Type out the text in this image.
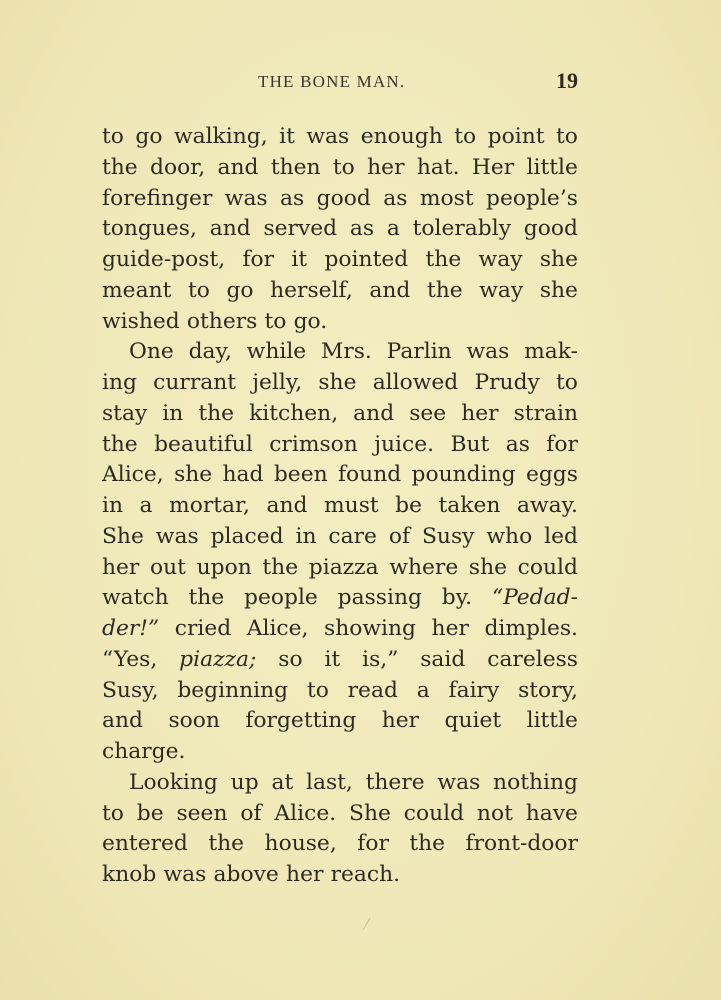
THE BONE MAN.	19
to go walking, it was enough to point to
the door, and then to her hat. Her little
forefinger was as good as most people’s
tongues, and served as a tolerably good
guide-post, for it pointed the way she
meant to go herself, and the way she
wished others to go.
One day, while Mrs. Parlin was mak-
ing currant jelly, she allowed Prudy to
stay in the kitchen, and see her strain
the beautiful crimson juice. But as for
Alice, she had been found pounding eggs
in a mortar, and must be taken away.
She was placed in care of Susy who led
her out upon the piazza where she could
watch the people passing by. “Pedad-
der!” cried Alice, showing her dimples.
“Yes, piazza; so it is,” said careless
Susy, beginning to read a fairy story,
and soon forgetting her quiet little
charge.
Looking up at last, there was nothing
to be seen of Alice. She could not have
entered the house, for the front-door
knob was above her reach.
